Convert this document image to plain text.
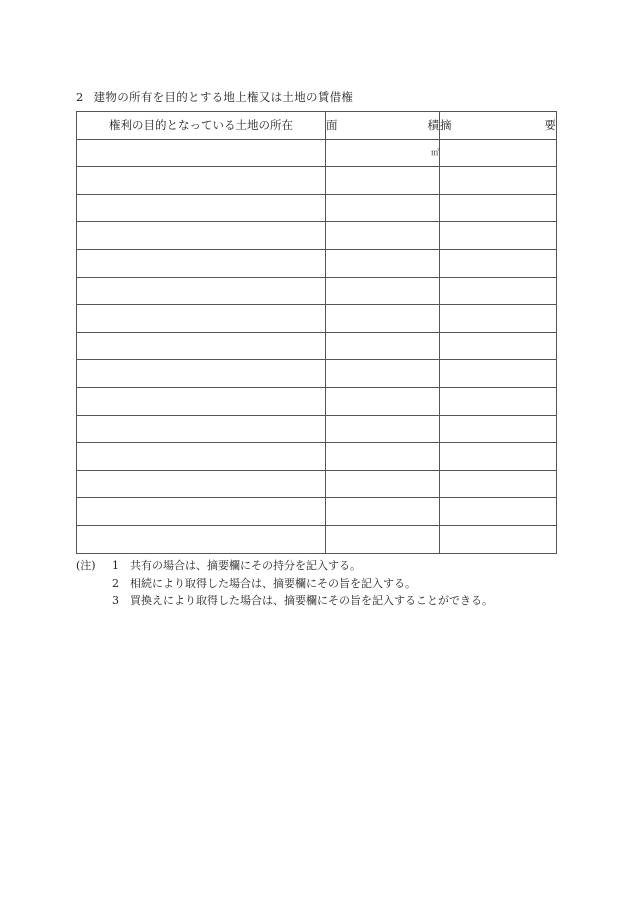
2 建物の所有を目的とする地上権又は土地の賃借権
権利の目的となっている土地の所在	面 積	摘 要

	$_㎡$	

(注)	1	共有の場合は、摘要欄にその持分を記入する。
2	相続により取得した場合は、摘要欄にその旨を記入する。
3	買換えにより取得した場合は、摘要欄にその旨を記入することができる。
